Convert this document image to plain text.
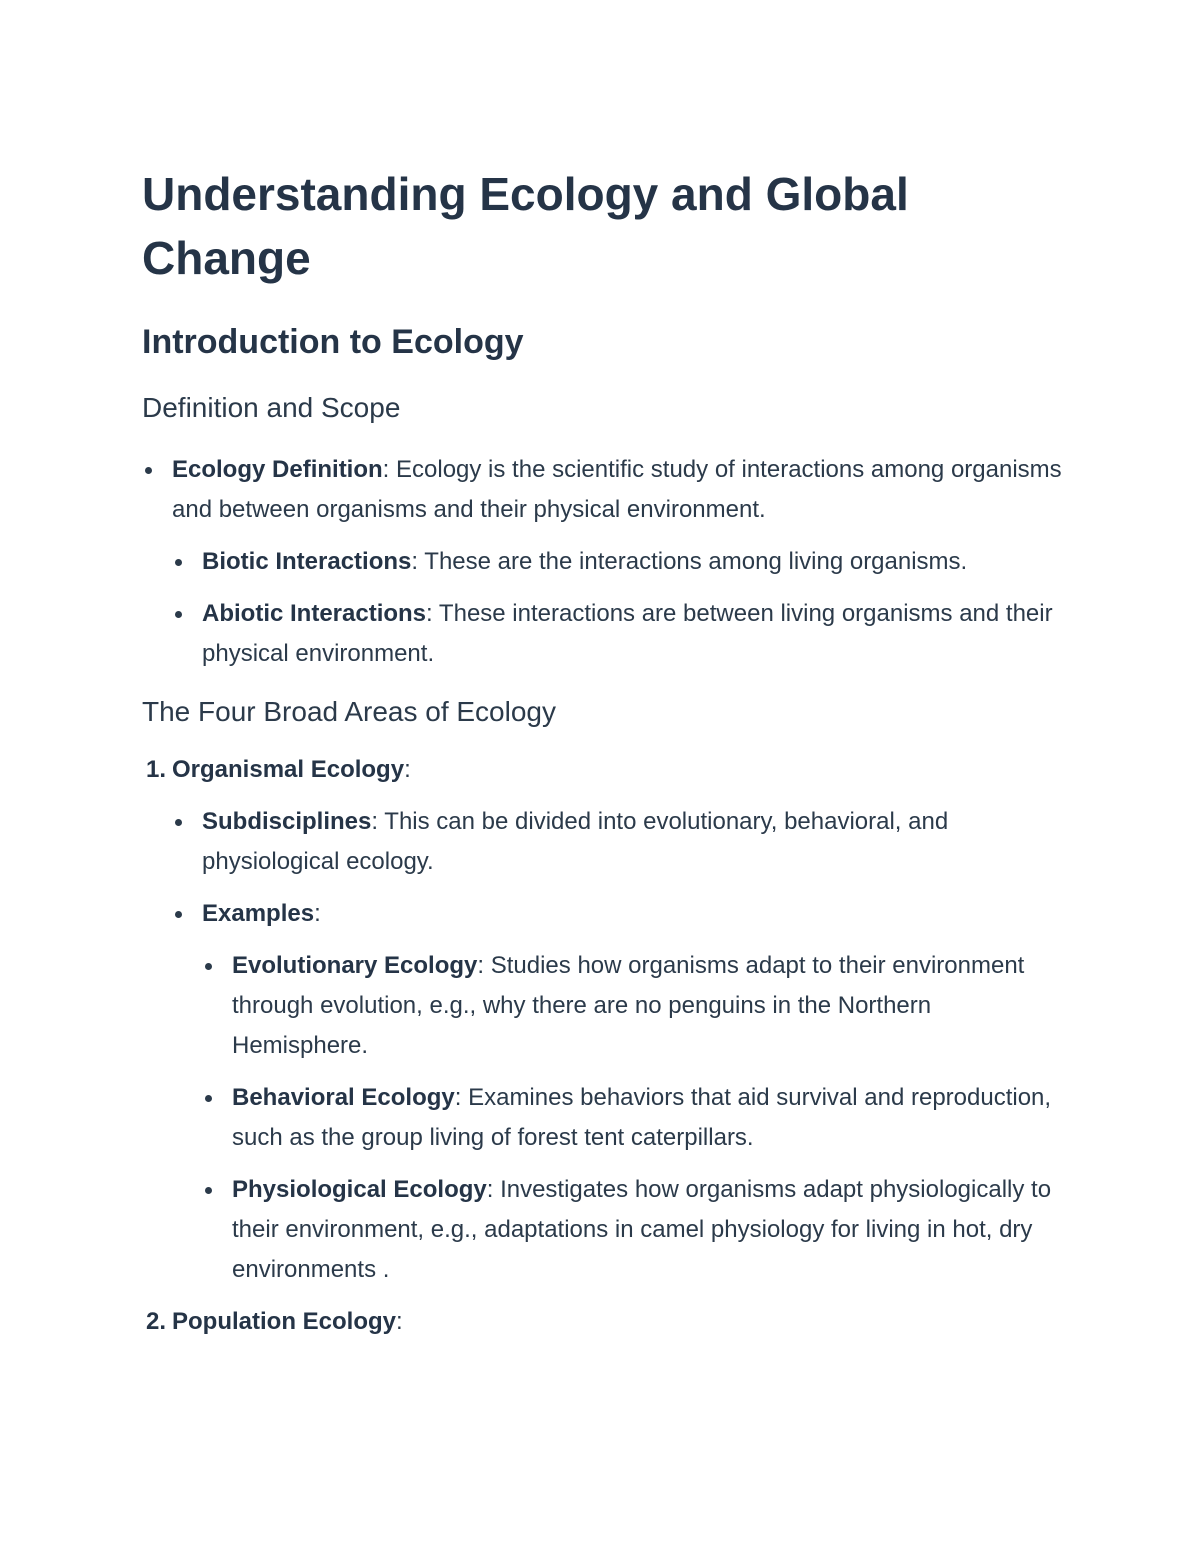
Understanding Ecology and Global Change
Introduction to Ecology
Definition and Scope
Ecology Definition: Ecology is the scientific study of interactions among organisms and between organisms and their physical environment.
Biotic Interactions: These are the interactions among living organisms.
Abiotic Interactions: These interactions are between living organisms and their physical environment.
The Four Broad Areas of Ecology
1. Organismal Ecology:
Subdisciplines: This can be divided into evolutionary, behavioral, and physiological ecology.
Examples:
Evolutionary Ecology: Studies how organisms adapt to their environment through evolution, e.g., why there are no penguins in the Northern Hemisphere.
Behavioral Ecology: Examines behaviors that aid survival and reproduction, such as the group living of forest tent caterpillars.
Physiological Ecology: Investigates how organisms adapt physiologically to their environment, e.g., adaptations in camel physiology for living in hot, dry environments .
2. Population Ecology:
